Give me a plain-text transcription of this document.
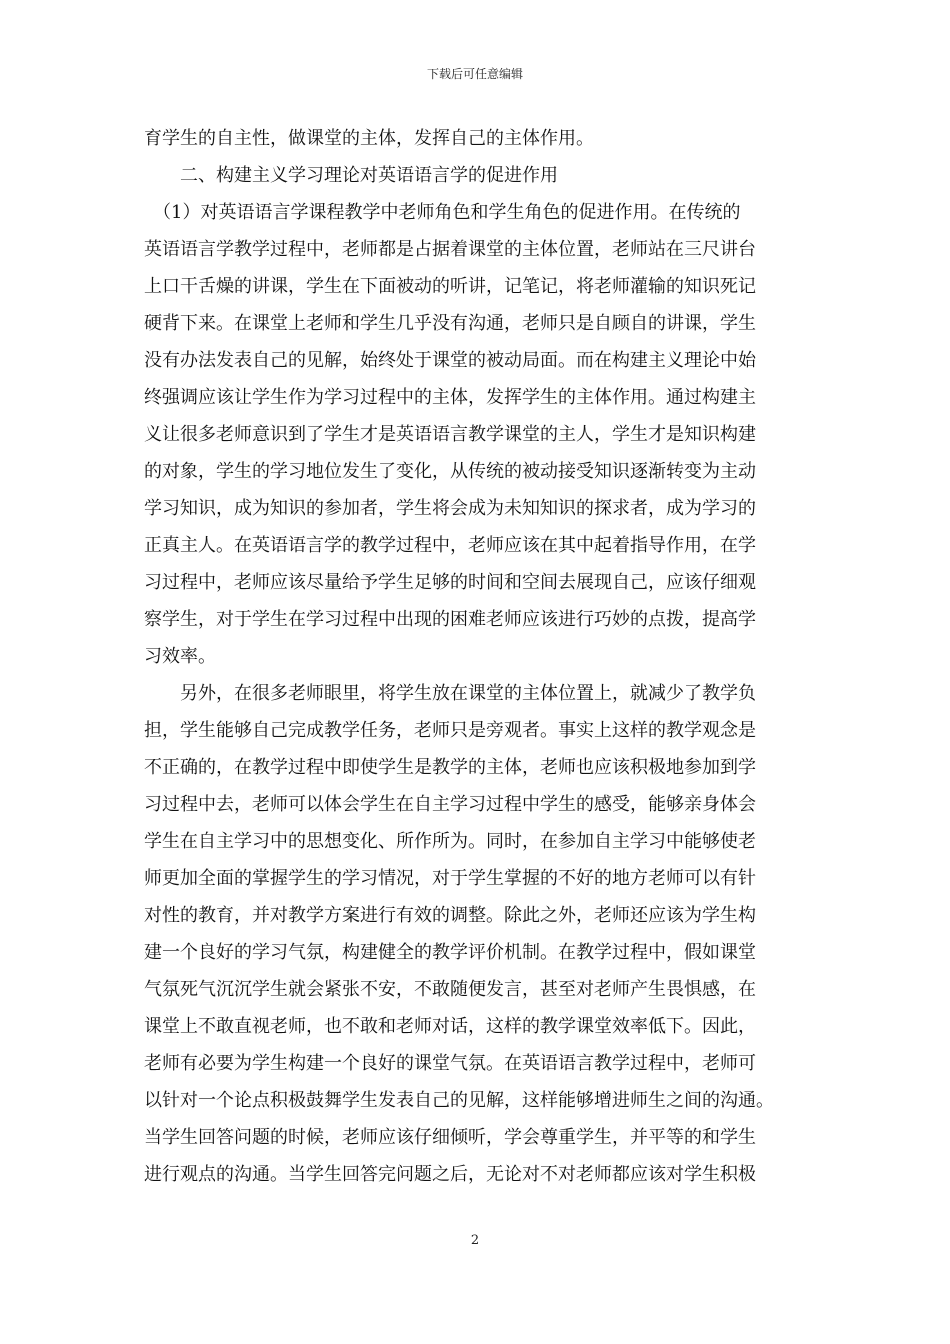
下载后可任意编辑
育学生的自主性，做课堂的主体，发挥自己的主体作用。
　　二、构建主义学习理论对英语语言学的促进作用
　（1）对英语语言学课程教学中老师角色和学生角色的促进作用。在传统的
英语语言学教学过程中，老师都是占据着课堂的主体位置，老师站在三尺讲台
上口干舌燥的讲课，学生在下面被动的听讲，记笔记，将老师灌输的知识死记
硬背下来。在课堂上老师和学生几乎没有沟通，老师只是自顾自的讲课，学生
没有办法发表自己的见解，始终处于课堂的被动局面。而在构建主义理论中始
终强调应该让学生作为学习过程中的主体，发挥学生的主体作用。通过构建主
义让很多老师意识到了学生才是英语语言教学课堂的主人，学生才是知识构建
的对象，学生的学习地位发生了变化，从传统的被动接受知识逐渐转变为主动
学习知识，成为知识的参加者，学生将会成为未知知识的探求者，成为学习的
正真主人。在英语语言学的教学过程中，老师应该在其中起着指导作用，在学
习过程中，老师应该尽量给予学生足够的时间和空间去展现自己，应该仔细观
察学生，对于学生在学习过程中出现的困难老师应该进行巧妙的点拨，提高学
习效率。
　　另外，在很多老师眼里，将学生放在课堂的主体位置上，就减少了教学负
担，学生能够自己完成教学任务，老师只是旁观者。事实上这样的教学观念是
不正确的，在教学过程中即使学生是教学的主体，老师也应该积极地参加到学
习过程中去，老师可以体会学生在自主学习过程中学生的感受，能够亲身体会
学生在自主学习中的思想变化、所作所为。同时，在参加自主学习中能够使老
师更加全面的掌握学生的学习情况，对于学生掌握的不好的地方老师可以有针
对性的教育，并对教学方案进行有效的调整。除此之外，老师还应该为学生构
建一个良好的学习气氛，构建健全的教学评价机制。在教学过程中，假如课堂
气氛死气沉沉学生就会紧张不安，不敢随便发言，甚至对老师产生畏惧感，在
课堂上不敢直视老师，也不敢和老师对话，这样的教学课堂效率低下。因此，
老师有必要为学生构建一个良好的课堂气氛。在英语语言教学过程中，老师可
以针对一个论点积极鼓舞学生发表自己的见解，这样能够增进师生之间的沟通。
当学生回答问题的时候，老师应该仔细倾听，学会尊重学生，并平等的和学生
进行观点的沟通。当学生回答完问题之后，无论对不对老师都应该对学生积极
2
